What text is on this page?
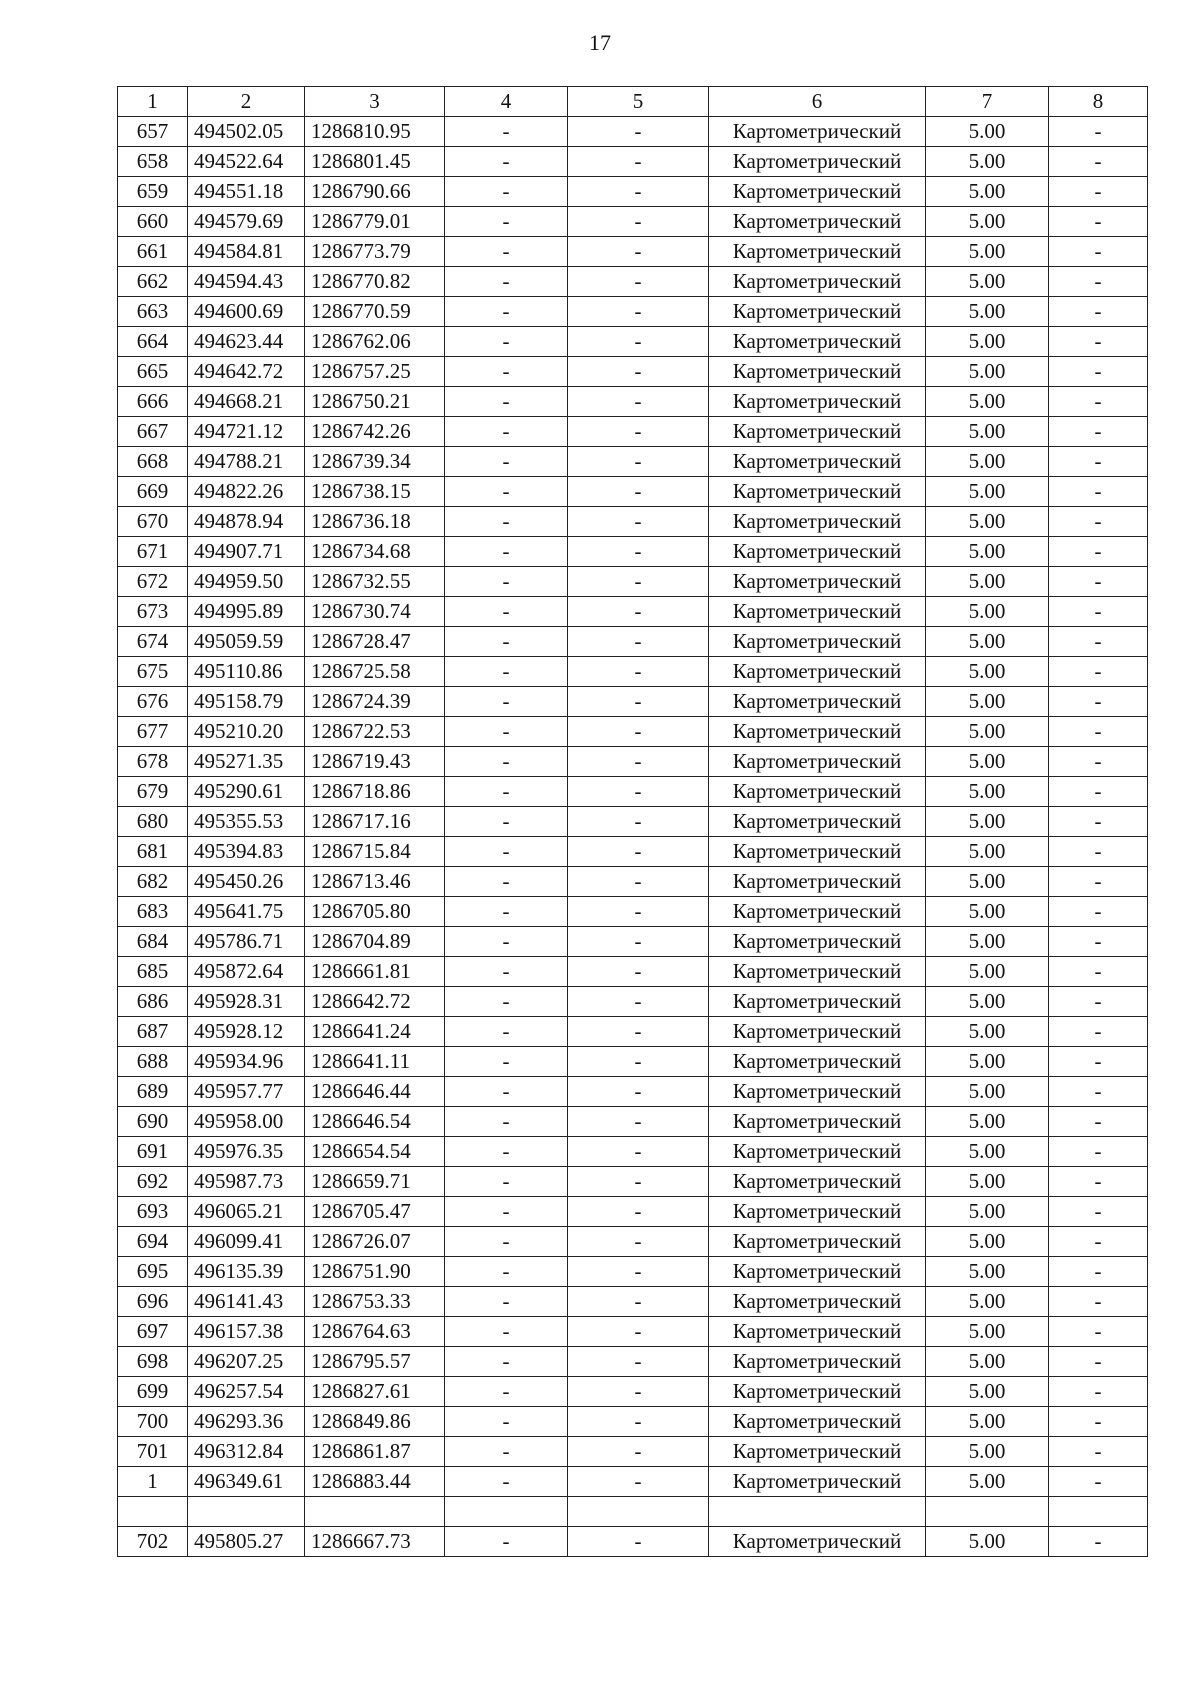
17
1	2	3	4	5	6	7	8
657	494502.05	1286810.95	-	-	Картометрический	5.00	-
658	494522.64	1286801.45	-	-	Картометрический	5.00	-
659	494551.18	1286790.66	-	-	Картометрический	5.00	-
660	494579.69	1286779.01	-	-	Картометрический	5.00	-
661	494584.81	1286773.79	-	-	Картометрический	5.00	-
662	494594.43	1286770.82	-	-	Картометрический	5.00	-
663	494600.69	1286770.59	-	-	Картометрический	5.00	-
664	494623.44	1286762.06	-	-	Картометрический	5.00	-
665	494642.72	1286757.25	-	-	Картометрический	5.00	-
666	494668.21	1286750.21	-	-	Картометрический	5.00	-
667	494721.12	1286742.26	-	-	Картометрический	5.00	-
668	494788.21	1286739.34	-	-	Картометрический	5.00	-
669	494822.26	1286738.15	-	-	Картометрический	5.00	-
670	494878.94	1286736.18	-	-	Картометрический	5.00	-
671	494907.71	1286734.68	-	-	Картометрический	5.00	-
672	494959.50	1286732.55	-	-	Картометрический	5.00	-
673	494995.89	1286730.74	-	-	Картометрический	5.00	-
674	495059.59	1286728.47	-	-	Картометрический	5.00	-
675	495110.86	1286725.58	-	-	Картометрический	5.00	-
676	495158.79	1286724.39	-	-	Картометрический	5.00	-
677	495210.20	1286722.53	-	-	Картометрический	5.00	-
678	495271.35	1286719.43	-	-	Картометрический	5.00	-
679	495290.61	1286718.86	-	-	Картометрический	5.00	-
680	495355.53	1286717.16	-	-	Картометрический	5.00	-
681	495394.83	1286715.84	-	-	Картометрический	5.00	-
682	495450.26	1286713.46	-	-	Картометрический	5.00	-
683	495641.75	1286705.80	-	-	Картометрический	5.00	-
684	495786.71	1286704.89	-	-	Картометрический	5.00	-
685	495872.64	1286661.81	-	-	Картометрический	5.00	-
686	495928.31	1286642.72	-	-	Картометрический	5.00	-
687	495928.12	1286641.24	-	-	Картометрический	5.00	-
688	495934.96	1286641.11	-	-	Картометрический	5.00	-
689	495957.77	1286646.44	-	-	Картометрический	5.00	-
690	495958.00	1286646.54	-	-	Картометрический	5.00	-
691	495976.35	1286654.54	-	-	Картометрический	5.00	-
692	495987.73	1286659.71	-	-	Картометрический	5.00	-
693	496065.21	1286705.47	-	-	Картометрический	5.00	-
694	496099.41	1286726.07	-	-	Картометрический	5.00	-
695	496135.39	1286751.90	-	-	Картометрический	5.00	-
696	496141.43	1286753.33	-	-	Картометрический	5.00	-
697	496157.38	1286764.63	-	-	Картометрический	5.00	-
698	496207.25	1286795.57	-	-	Картометрический	5.00	-
699	496257.54	1286827.61	-	-	Картометрический	5.00	-
700	496293.36	1286849.86	-	-	Картометрический	5.00	-
701	496312.84	1286861.87	-	-	Картометрический	5.00	-
1	496349.61	1286883.44	-	-	Картометрический	5.00	-

702	495805.27	1286667.73	-	-	Картометрический	5.00	-
